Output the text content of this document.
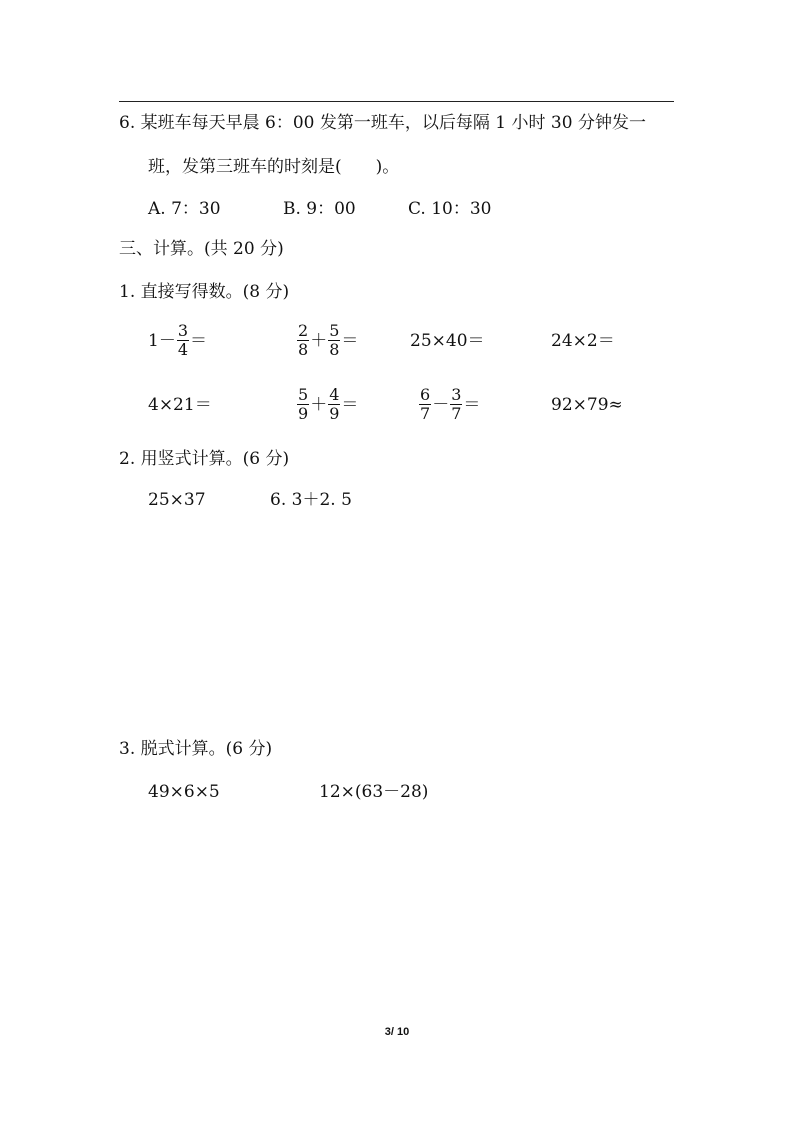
6. 某班车每天早晨 6：00 发第一班车，以后每隔 1 小时 30 分钟发一
班，发第三班车的时刻是(　　)。
A. 7：30	B. 9：00	C. 10：30
三、计算。(共 20 分)
1. 直接写得数。(8 分)
$1- \frac{3}{4}$ ＝	$\frac{2}{8} + \frac{5}{8}$ ＝	25×40＝	24×2＝
4×21＝	$\frac{5}{9} + \frac{4}{9}$ ＝	$\frac{6}{7} - \frac{3}{7}$ ＝	92×79≈
2. 用竖式计算。(6 分)
25×37	6. 3＋2. 5
3. 脱式计算。(6 分)
49×6×5	12×(63－28)
3/ 10
